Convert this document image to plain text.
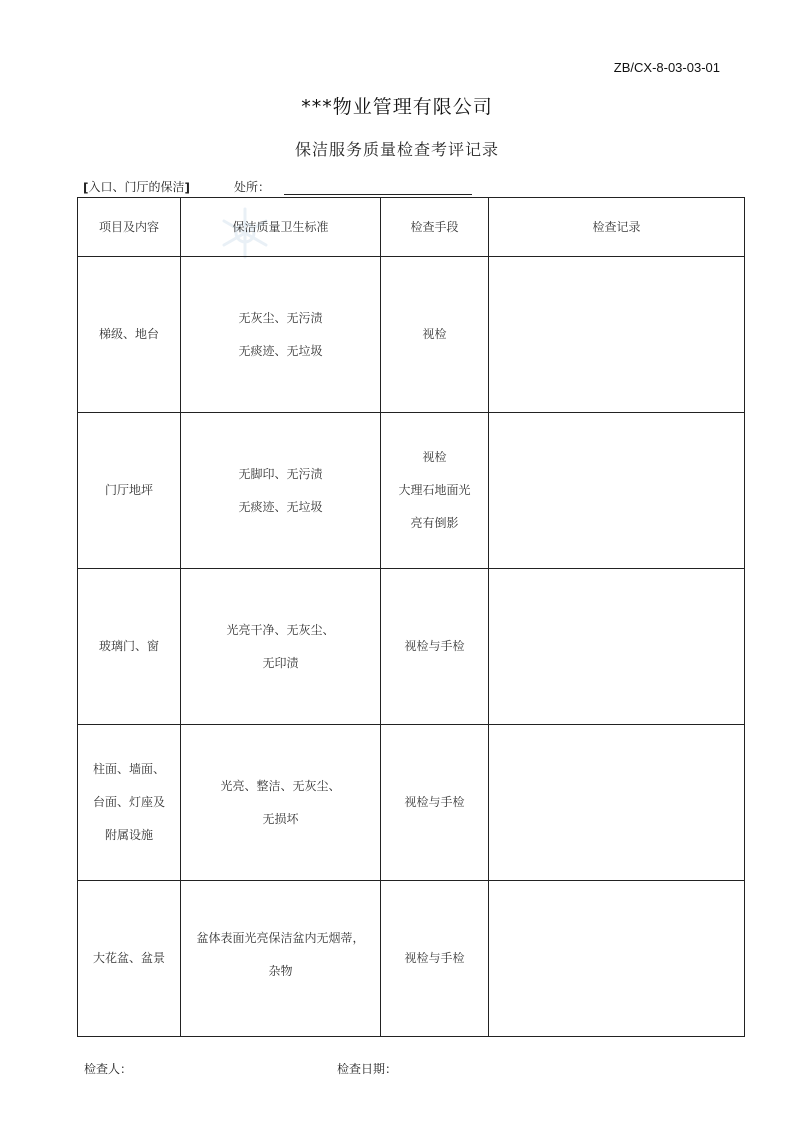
ZB/CX-8-03-03-01
***物业管理有限公司
保洁服务质量检查考评记录
[ 入口、门厅的保洁 ]	处所：
项目及内容	保洁质量卫生标准	检查手段	检查记录

梯级、地台	无灰尘、无污渍
无痰迹、无垃圾	视检	

门厅地坪	无脚印、无污渍
无痰迹、无垃圾	视检
大理石地面光
亮有倒影	

玻璃门、窗	光亮干净、无灰尘、
无印渍	视检与手检	

柱面、墙面、
台面、灯座及
附属设施	光亮、整洁、无灰尘、
无损坏	视检与手检	

大花盆、盆景	盆体表面光亮保洁盆内无烟蒂，
杂物	视检与手检	

检查人：	检查日期：
